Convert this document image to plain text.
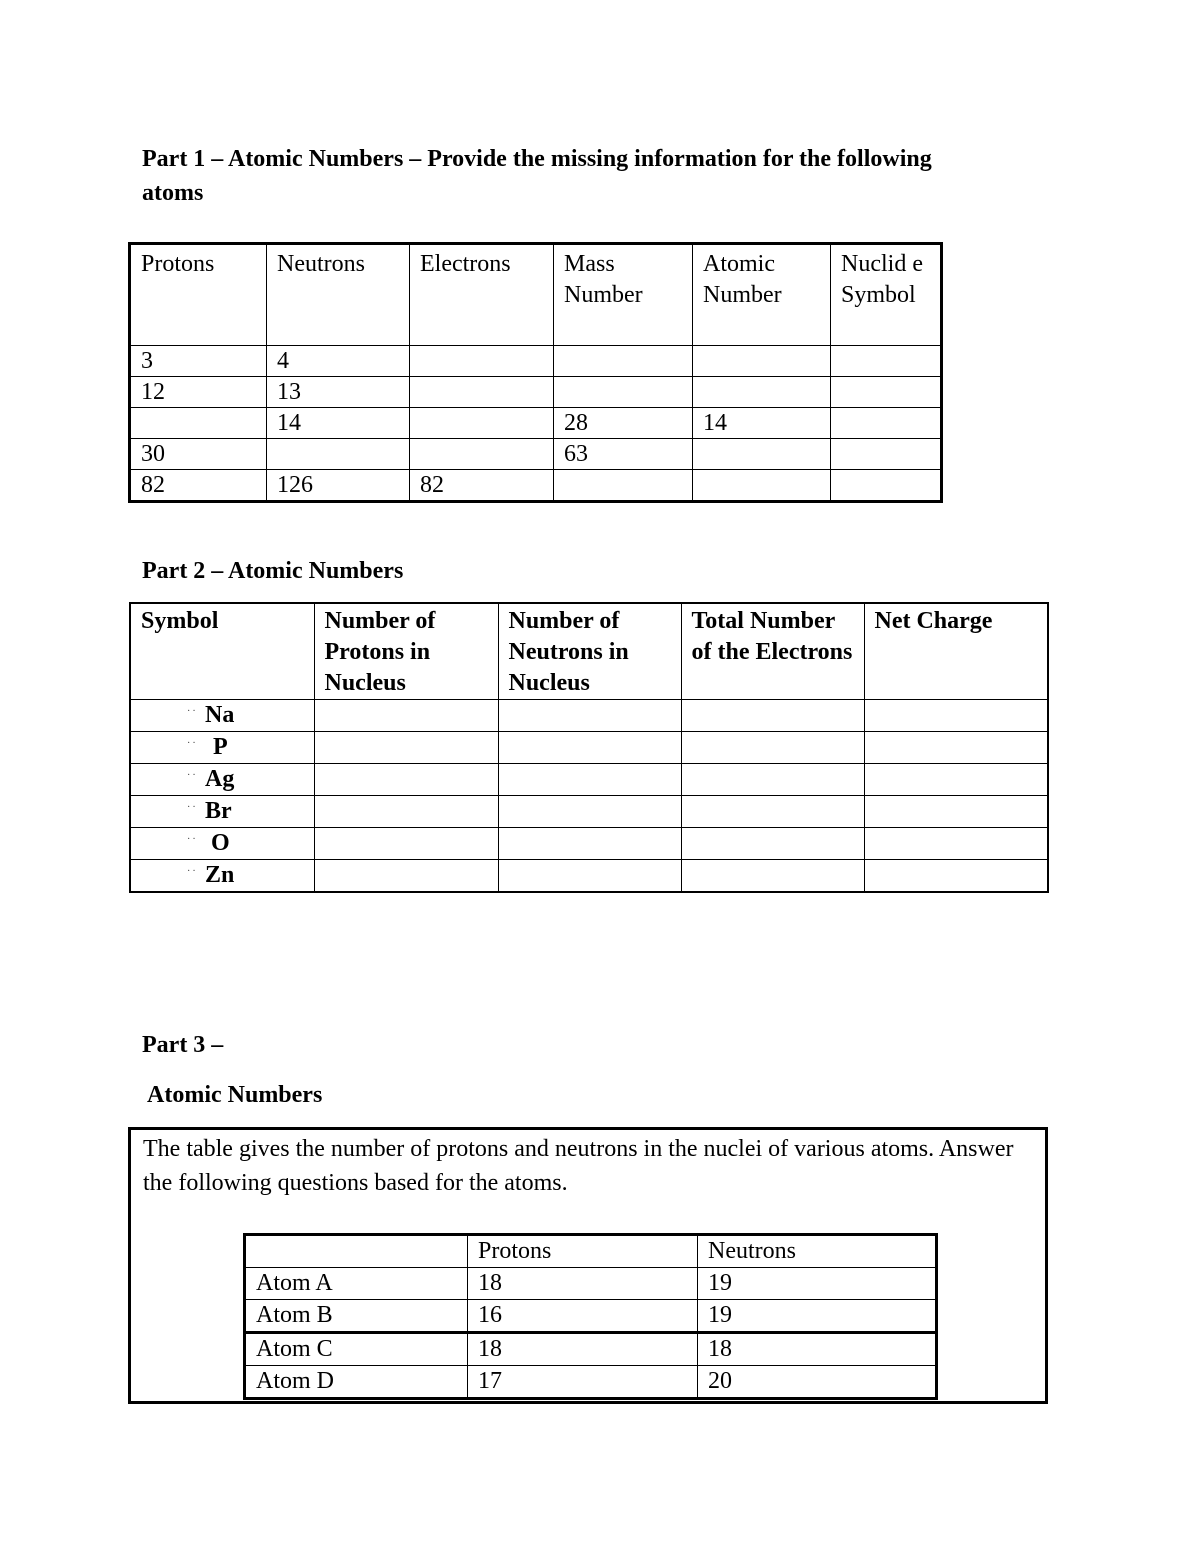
Part 1 – Atomic Numbers – Provide the missing information for the following
atoms

Protons	Neutrons	Electrons	Mass Number	Atomic Number	Nuclid e Symbol
3	4				
12	13				
	14		28	14	
30			63		
82	126	82			

Part 2 – Atomic Numbers

Symbol	Number of Protons in Nucleus	Number of Neutrons in Nucleus	Total Number of the Electrons	Net Charge

·· Na				

·· P				

·· Ag				

·· Br				

·· O				

·· Zn				

Part 3 –

Atomic Numbers

The table gives the number of protons and neutrons in the nuclei of various atoms. Answer the following questions based for the atoms.

	Protons	Neutrons
Atom A	18	19
Atom B	16	19
Atom C	18	18
Atom D	17	20
